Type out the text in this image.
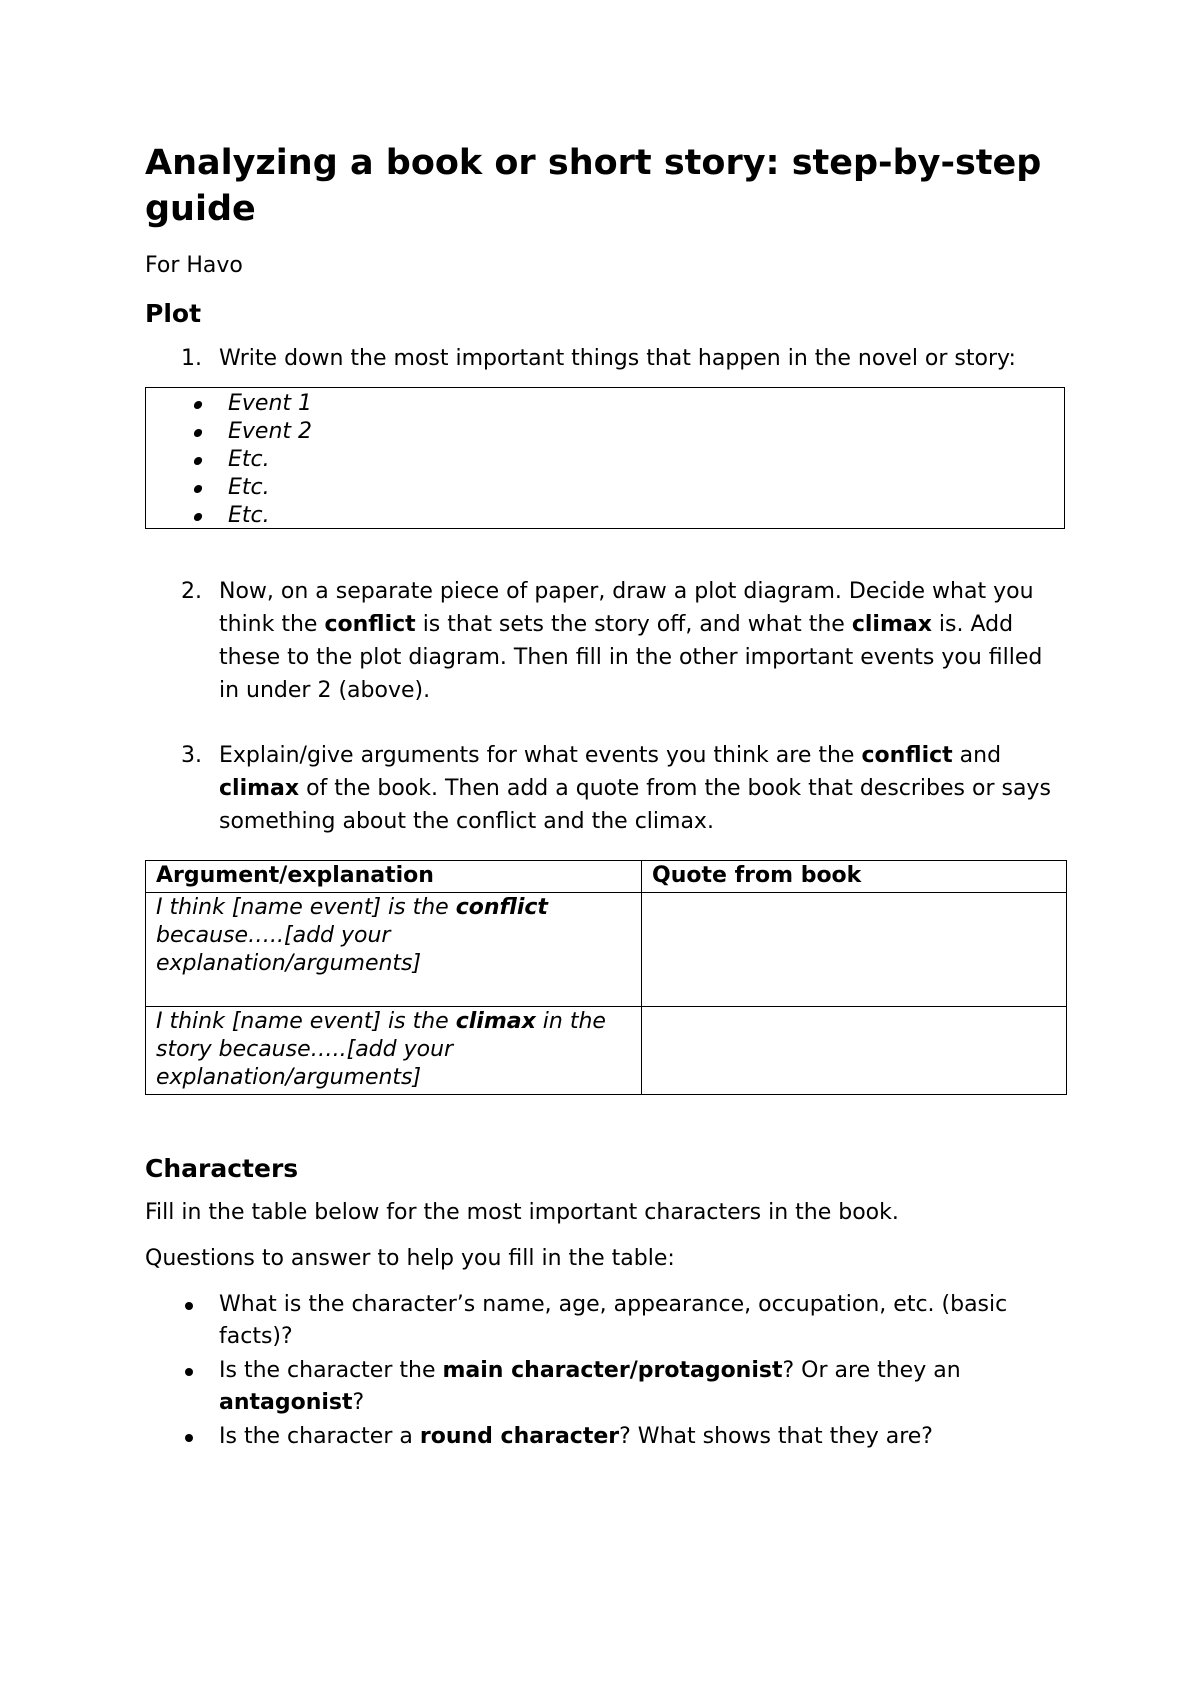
Analyzing a book or short story: step-by-step guide

For Havo

Plot
1. Write down the most important things that happen in the novel or story:
Event 1
Event 2
Etc.
Etc.
Etc.
2. Now, on a separate piece of paper, draw a plot diagram. Decide what you think the conflict is that sets the story off, and what the climax is. Add these to the plot diagram. Then fill in the other important events you filled in under 2 (above).
3. Explain/give arguments for what events you think are the conflict and climax of the book. Then add a quote from the book that describes or says something about the conflict and the climax.
Argument/explanation	Quote from book
I think [name event] is the conflict because…..[add your explanation/arguments]	
I think [name event] is the climax in the story because…..[add your explanation/arguments]	
Characters

Fill in the table below for the most important characters in the book.

Questions to answer to help you fill in the table:

What is the character’s name, age, appearance, occupation, etc. (basic facts)?
Is the character the main character/protagonist? Or are they an antagonist?
Is the character a round character? What shows that they are?
